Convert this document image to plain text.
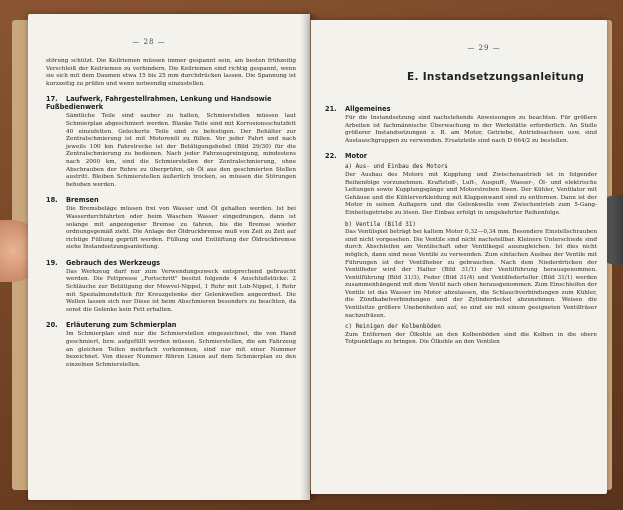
— 28 —

störung schützt. Die Keilriemen müssen immer gespannt sein, am besten frühzeitig Verschleiß der Keilriemen zu verhindern. Die Keilriemen sind richtig gespannt, wenn sie sich mit dem Daumen etwa 15 bis 25 mm durchdrücken lassen. Die Spannung ist kurzzeitig zu prüfen und wenn notwendig einzustellen.

17. Laufwerk, Fahrgestellrahmen, Lenkung und Handsowie Fußbedienwerk

Sämtliche Teile sind sauber zu halten, Schmierstellen müssen laut Schmierplan abgeschmiert werden. Blanke Teile sind mit Korrosionsschutzfett 40 einzufetten. Gelockerte Teile sind zu befestigen. Der Behälter zur Zentralschmierung ist mit Motorenöl zu füllen. Vor jeder Fahrt und nach jeweils 100 km Fahrstrecke ist der Betätigungshebel (Bild 29/30) für die Zentralschmierung zu bedienen. Nach jeder Fahrzeugreinigung, mindestens nach 2000 km, sind die Schmierstellen der Zentralschmierung, ohne Abschrauben der Rohre zu überprüfen, ob Öl aus den geschmierten Stellen austritt. Bleiben Schmierstellen äußerlich trocken, so müssen die Störungen behoben werden.

18. Bremsen

Die Bremsbeläge müssen frei von Wasser und Öl gehalten werden. Ist bei Wasserdurchfahrten oder beim Waschen Wasser eingedrungen, dann ist solange mit angezogener Bremse zu fahren, bis die Bremse wieder ordnungsgemäß zieht. Die Anlage der Öldruckbremse muß von Zeit zu Zeit auf richtige Füllung geprüft werden. Füllung und Entlüftung der Öldruckbremse siehe Instandsetzungsanleitung.

19. Gebrauch des Werkzeugs

Das Werkzeug darf nur zum Verwendungszweck entsprechend gebraucht werden. Die Fettpresse „Fortschritt" besitzt folgende 4 Anschlußstücke: 2 Schläuche zur Betätigung der Mewvel-Nippel, 1 Rohr mit Lub-Nippel, 1 Rohr mit Spezialmundstück für Kreuzgelenke der Gelenkwellen angeordnet. Die Wellen lassen sich nur Diese ist beim Abschmieren besonders zu beachten, da sonst die Gelenke kein Fett erhalten.

20. Erläuterung zum Schmierplan

Im Schmierplan sind nur die Schmierstellen eingezeichnet, die von Hand geschmiert, bzw. aufgefüllt werden müssen. Schmierstellen, die am Fahrzeug an gleichen Teilen mehrfach vorkommen, sind nur mit einer Nummer bezeichnet. Von dieser Nummer führen Linien auf dem Schmierplan zu den einzelnen Schmierstellen.

— 29 —
E. Instandsetzungsanleitung
21. Allgemeines

Für die Instandsetzung sind nachstehende Anweisungen zu beachten. Für größere Arbeiten ist fachmännische Überwachung in der Werkstätte erforderlich. An Stelle größerer Instandsetzungen z. B. am Motor, Getriebe, Antriebsachsen usw. sind Austauschgruppen zu verwenden. Ersatzteile sind nach D 664/2 zu bestellen.

22. Motor
a) Aus- und Einbau des Motors

Der Ausbau des Motors mit Kupplung und Zwischenantrieb ist in folgender Reihenfolge vorzunehmen. Kraftstoff-, Luft-, Auspuff-, Wasser-, Öl- und elektrische Leitungen sowie Kupplungsgänge und Motorstreben lösen. Der Kühler, Ventilator mit Gehäuse und die Kühlerverkleidung mit Klappenwand sind zu entfernen. Dann ist der Motor in seinen Auflagern und die Gelenkwelle vom Zwischentrieb zum 5-Gang-Einheitsgetriebe zu lösen. Der Einbau erfolgt in umgekehrter Reihenfolge.

b) Ventile (Bild 31)

Das Ventilspiel beträgt bei kaltem Motor 0,32—0,34 mm. Besondere Einstellschrauben sind nicht vorgesehen. Die Ventile sind nicht nachstellbar. Kleinere Unterschiede sind durch Abschleifen am Ventilschaft oder Ventilkegel auszugleichen. Ist dies nicht möglich, dann sind neue Ventile zu verwenden. Zum einfachen Ausbau der Ventile mit Führungen ist der Ventilheber zu gebrauchen. Nach dem Niederdrücken der Ventilfeder wird der Halter (Bild 31/1) der Ventilführung herausgenommen. Ventilführung (Bild 31/3), Feder (Bild 31/4) und Ventilfederteller (Bild 31/1) werden zusammenhängend mit dem Ventil nach oben herausgenommen. Zum Einschleifen der Ventile ist das Wasser im Motor abzulassen, die Schlauchverbindungen zum Kühler, die Zündkabelverbindungen und der Zylinderdeckel abzunehmen. Weisen die Ventilsitze größere Unebenheiten auf, so sind sie mit einem geeigneten Ventilfräser nachzufräsen.

c) Reinigen der Kolbenböden

Zum Entfernen der Ölkohle an den Kolbenböden sind die Kolben in die obere Totpunktlage zu bringen. Die Ölkohle an den Ventilen
